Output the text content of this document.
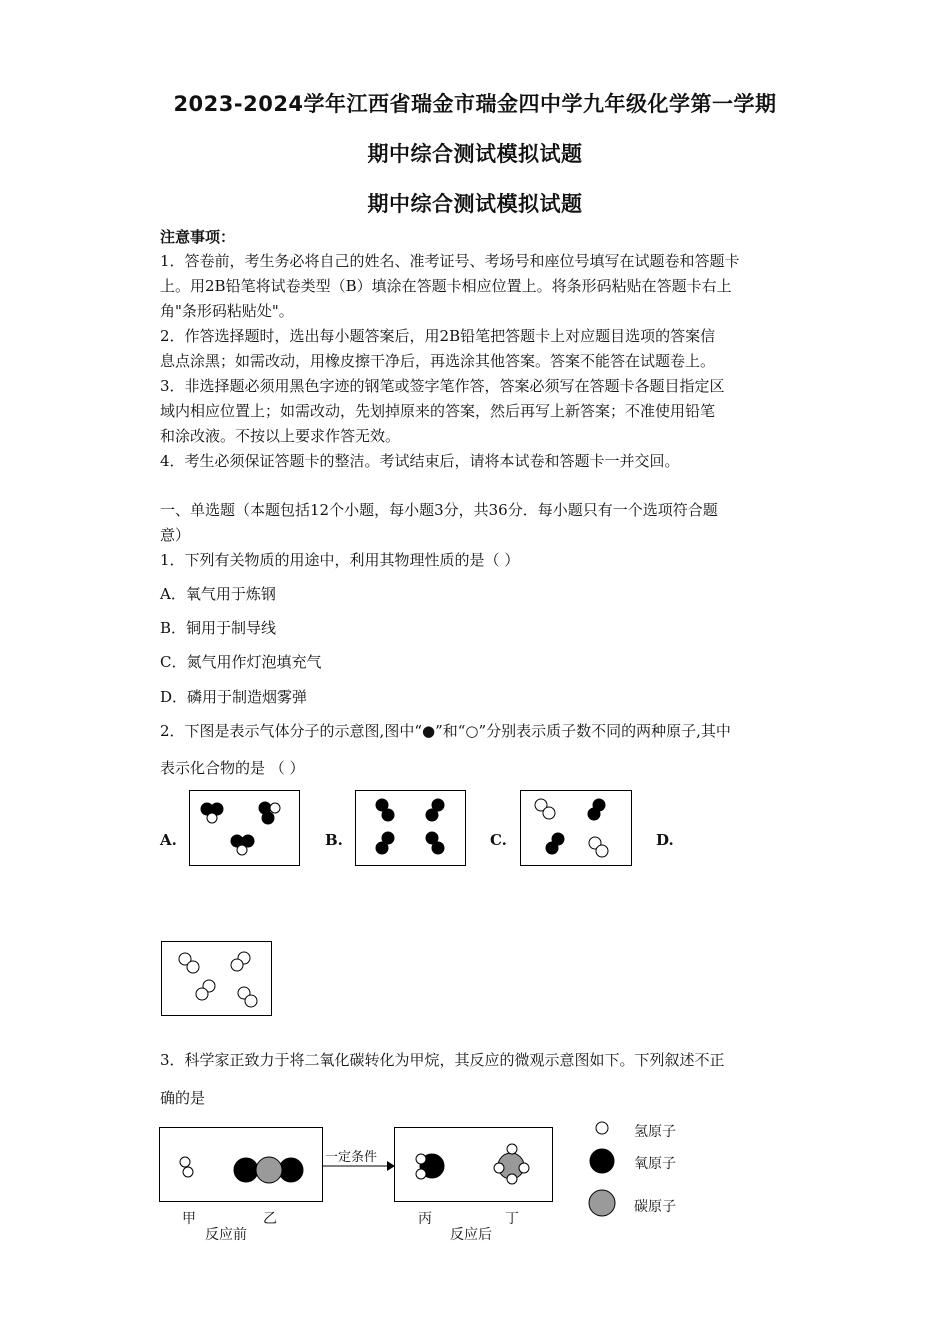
2023-2024学年江西省瑞金市瑞金四中学九年级化学第一学期
期中综合测试模拟试题
期中综合测试模拟试题
注意事项：
1．答卷前，考生务必将自己的姓名、准考证号、考场号和座位号填写在试题卷和答题卡
上。用2B铅笔将试卷类型（B）填涂在答题卡相应位置上。将条形码粘贴在答题卡右上
角"条形码粘贴处"。
2．作答选择题时，选出每小题答案后，用2B铅笔把答题卡上对应题目选项的答案信
息点涂黑；如需改动，用橡皮擦干净后，再选涂其他答案。答案不能答在试题卷上。
3．非选择题必须用黑色字迹的钢笔或签字笔作答，答案必须写在答题卡各题目指定区
域内相应位置上；如需改动，先划掉原来的答案，然后再写上新答案；不准使用铅笔
和涂改液。不按以上要求作答无效。
4．考生必须保证答题卡的整洁。考试结束后，请将本试卷和答题卡一并交回。
一、单选题（本题包括12个小题，每小题3分，共36分．每小题只有一个选项符合题
意）
1．下列有关物质的用途中，利用其物理性质的是（ ）
A．氧气用于炼钢
B．铜用于制导线
C．氮气用作灯泡填充气
D．磷用于制造烟雾弹
2．下图是表示气体分子的示意图,图中“●”和“○”分别表示质子数不同的两种原子,其中
表示化合物的是 （ ）
A.	B.	C.	D.
3．科学家正致力于将二氧化碳转化为甲烷，其反应的微观示意图如下。下列叙述不正
确的是
一定条件
甲	乙
反应前
丙	丁
反应后
氢原子
氧原子
碳原子
